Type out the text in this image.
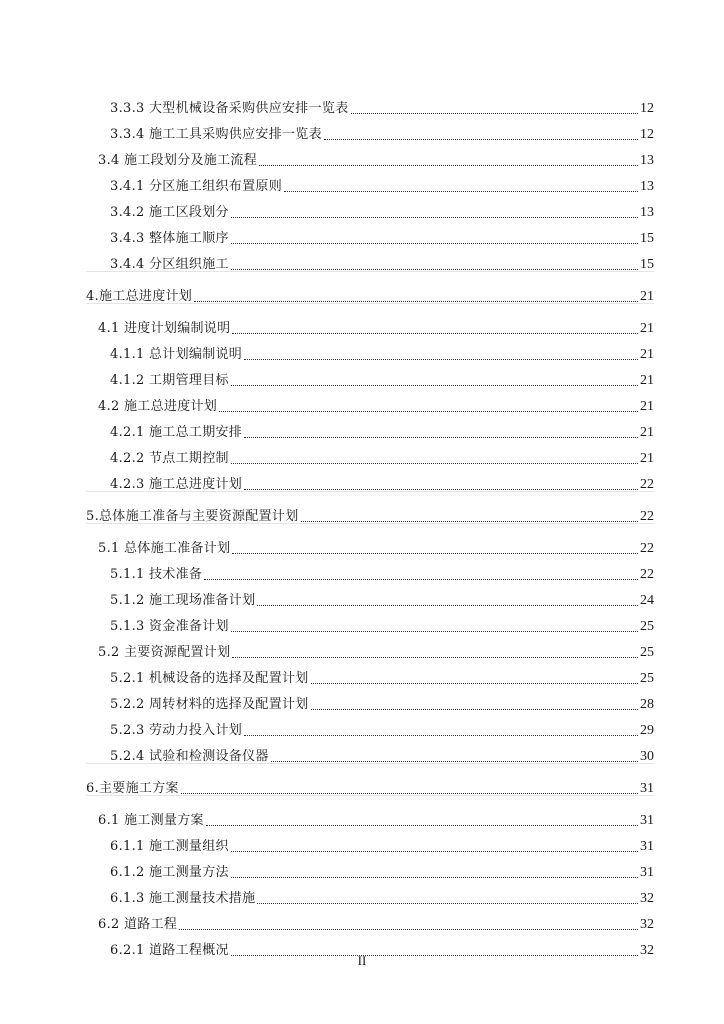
3.3.3 大型机械设备采购供应安排一览表	12
3.3.4 施工工具采购供应安排一览表	12
3.4 施工段划分及施工流程	13
3.4.1 分区施工组织布置原则	13
3.4.2 施工区段划分	13
3.4.3 整体施工顺序	15
3.4.4 分区组织施工	15
4.施工总进度计划	21
4.1 进度计划编制说明	21
4.1.1 总计划编制说明	21
4.1.2 工期管理目标	21
4.2 施工总进度计划	21
4.2.1 施工总工期安排	21
4.2.2 节点工期控制	21
4.2.3 施工总进度计划	22
5.总体施工准备与主要资源配置计划	22
5.1 总体施工准备计划	22
5.1.1 技术准备	22
5.1.2 施工现场准备计划	24
5.1.3 资金准备计划	25
5.2 主要资源配置计划	25
5.2.1 机械设备的选择及配置计划	25
5.2.2 周转材料的选择及配置计划	28
5.2.3 劳动力投入计划	29
5.2.4 试验和检测设备仪器	30
6.主要施工方案	31
6.1 施工测量方案	31
6.1.1 施工测量组织	31
6.1.2 施工测量方法	31
6.1.3 施工测量技术措施	32
6.2 道路工程	32
6.2.1 道路工程概况	32
II
